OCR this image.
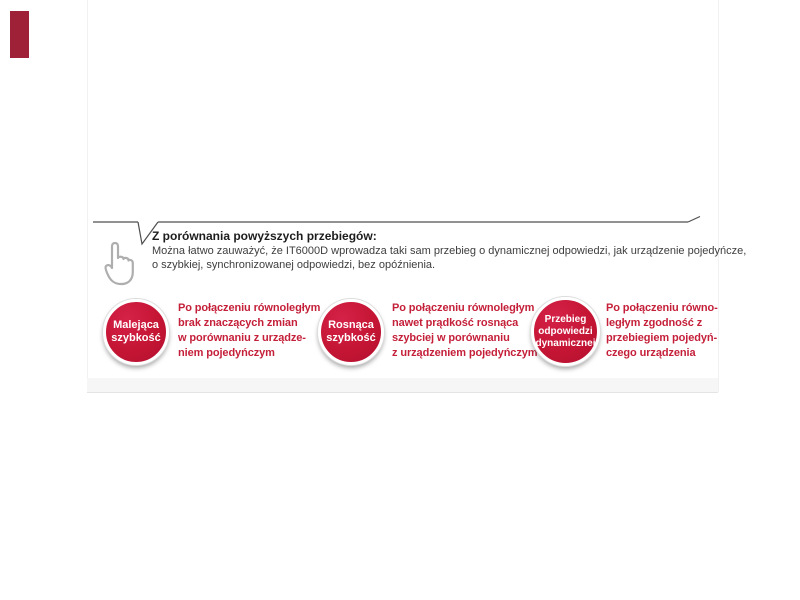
Z porównania powyższych przebiegów:
Można łatwo zauważyć, że IT6000D wprowadza taki sam przebieg o dynamicznej odpowiedzi, jak urządzenie pojedyńcze,
o szybkiej, synchronizowanej odpowiedzi, bez opóźnienia.
Malejąca
szybkość
Po połączeniu równoległym
brak znaczących zmian
w porównaniu z urządze-
niem pojedyńczym
Rosnąca
szybkość
Po połączeniu równoległym
nawet prądkość rosnąca
szybciej w porównaniu
z urządzeniem pojedyńczym
Przebieg
odpowiedzi
dynamicznej
Po połączeniu równo-
ległym zgodność z
przebiegiem pojedyń-
czego urządzenia
